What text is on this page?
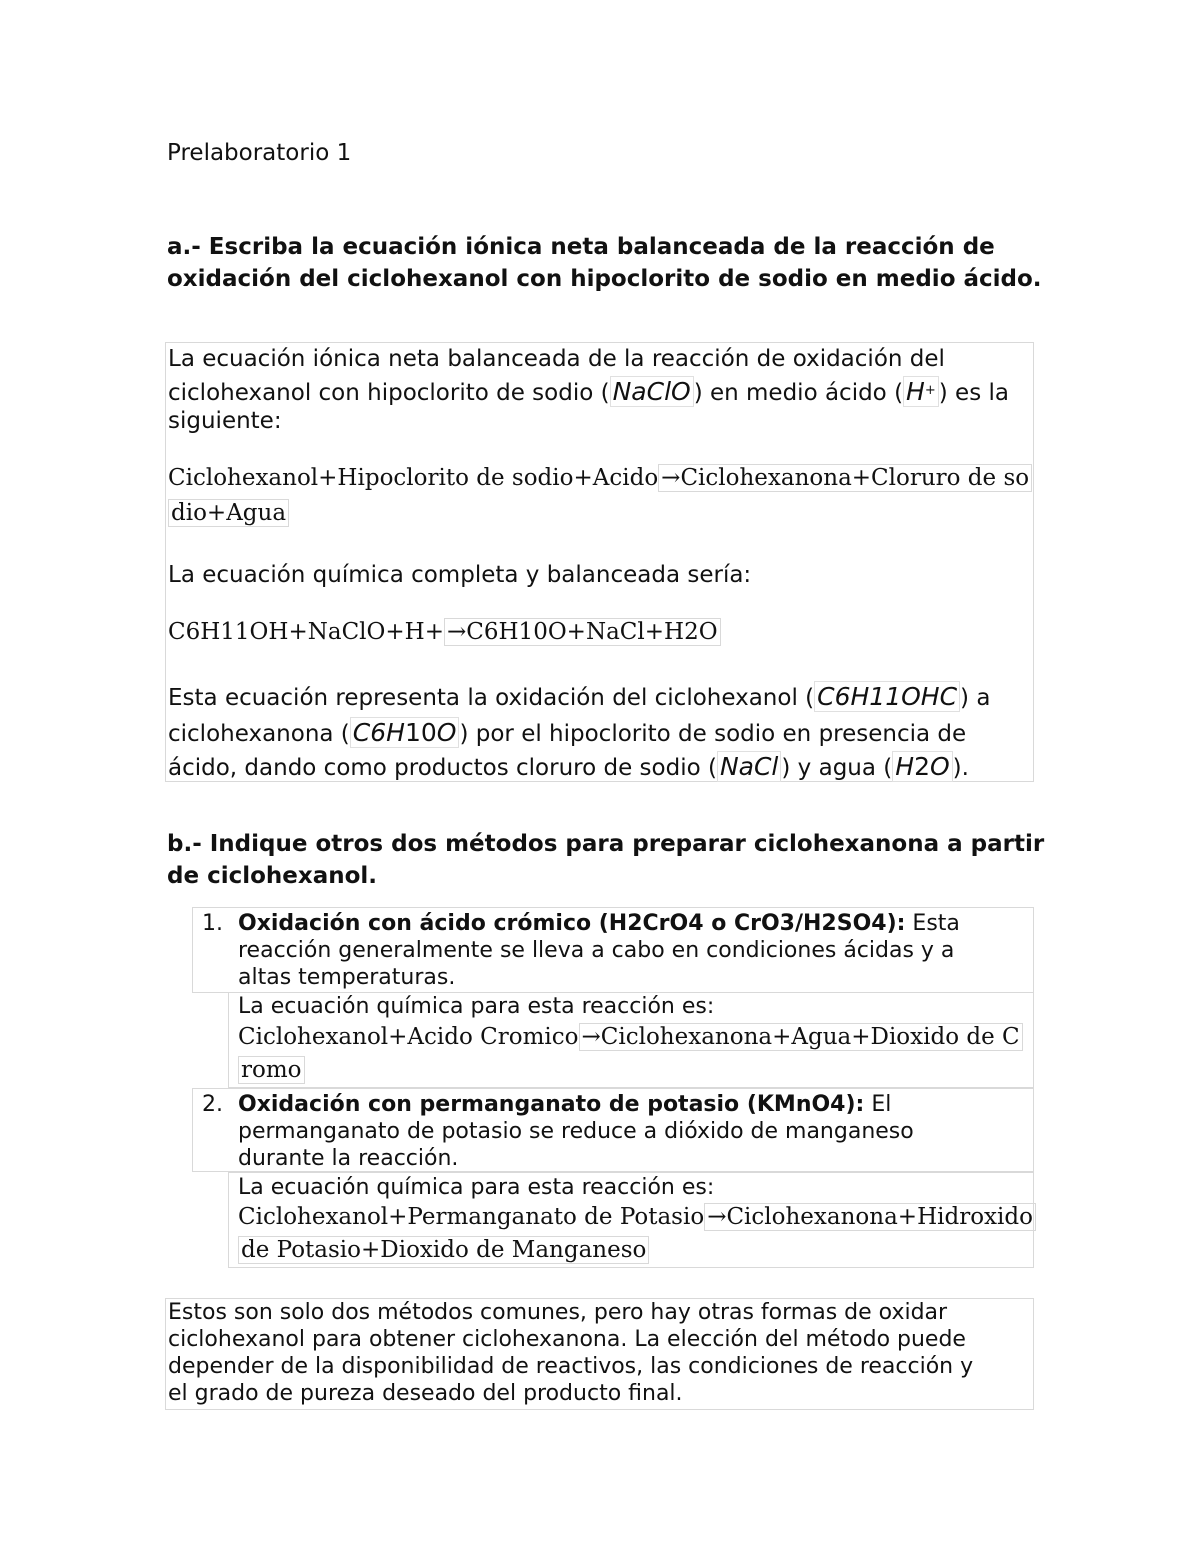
Prelaboratorio 1
a.- Escriba la ecuación iónica neta balanceada de la reacción de oxidación del ciclohexanol con hipoclorito de sodio en medio ácido.
La ecuación iónica neta balanceada de la reacción de oxidación del
ciclohexanol con hipoclorito de sodio ( NaClO ) en medio ácido ( H+ ) es la
siguiente:
Ciclohexanol+Hipoclorito de sodio+Acido →Ciclohexanona+Cloruro de so
dio+Agua
La ecuación química completa y balanceada sería:
C6H11OH+NaClO+H+ →C6H10O+NaCl+H2O
Esta ecuación representa la oxidación del ciclohexanol ( C6H11OHC ) a
ciclohexanona ( C6H10O ) por el hipoclorito de sodio en presencia de
ácido, dando como productos cloruro de sodio ( NaCl ) y agua ( H2O ).
b.- Indique otros dos métodos para preparar ciclohexanona a partir de ciclohexanol.
1. Oxidación con ácido crómico (H2CrO4 o CrO3/H2SO4): Esta
reacción generalmente se lleva a cabo en condiciones ácidas y a
altas temperaturas.
La ecuación química para esta reacción es:
Ciclohexanol+Acido Cromico →Ciclohexanona+Agua+Dioxido de C
romo
2. Oxidación con permanganato de potasio (KMnO4): El
permanganato de potasio se reduce a dióxido de manganeso
durante la reacción.
La ecuación química para esta reacción es:
Ciclohexanol+Permanganato de Potasio →Ciclohexanona+Hidroxido
de Potasio+Dioxido de Manganeso
Estos son solo dos métodos comunes, pero hay otras formas de oxidar
ciclohexanol para obtener ciclohexanona. La elección del método puede
depender de la disponibilidad de reactivos, las condiciones de reacción y
el grado de pureza deseado del producto final.
